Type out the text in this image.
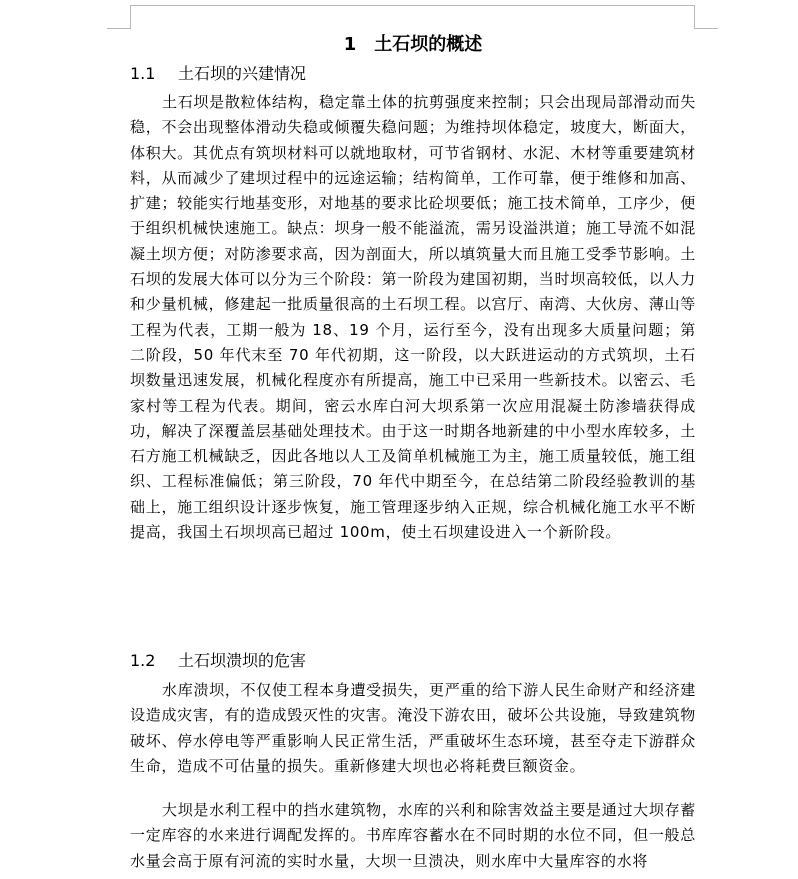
1　土石坝的概述
1.1 土石坝的兴建情况

土石坝是散粒体结构，稳定靠土体的抗剪强度来控制；只会出现局部滑动而失稳，不会出现整体滑动失稳或倾覆失稳问题；为维持坝体稳定，坡度大，断面大，体积大。其优点有筑坝材料可以就地取材，可节省钢材、水泥、木材等重要建筑材料，从而减少了建坝过程中的远途运输；结构简单，工作可靠，便于维修和加高、扩建；较能实行地基变形，对地基的要求比砼坝要低；施工技术简单，工序少，便于组织机械快速施工。缺点：坝身一般不能溢流，需另设溢洪道；施工导流不如混凝土坝方便；对防渗要求高，因为剖面大，所以填筑量大而且施工受季节影响。土石坝的发展大体可以分为三个阶段：第一阶段为建国初期，当时坝高较低，以人力和少量机械，修建起一批质量很高的土石坝工程。以宫厅、南湾、大伙房、薄山等工程为代表，工期一般为 18、19 个月，运行至今，没有出现多大质量问题；第二阶段，50 年代末至 70 年代初期，这一阶段，以大跃进运动的方式筑坝，土石坝数量迅速发展，机械化程度亦有所提高，施工中已采用一些新技术。以密云、毛家村等工程为代表。期间，密云水库白河大坝系第一次应用混凝土防渗墙获得成功，解决了深覆盖层基础处理技术。由于这一时期各地新建的中小型水库较多，土石方施工机械缺乏，因此各地以人工及简单机械施工为主，施工质量较低，施工组织、工程标准偏低；第三阶段，70 年代中期至今，在总结第二阶段经验教训的基础上，施工组织设计逐步恢复，施工管理逐步纳入正规，综合机械化施工水平不断提高，我国土石坝坝高已超过 100m，使土石坝建设进入一个新阶段。

1.2 土石坝溃坝的危害

水库溃坝，不仅使工程本身遭受损失，更严重的给下游人民生命财产和经济建设造成灾害，有的造成毁灭性的灾害。淹没下游农田，破坏公共设施，导致建筑物破坏、停水停电等严重影响人民正常生活，严重破坏生态环境，甚至夺走下游群众生命，造成不可估量的损失。重新修建大坝也必将耗费巨额资金。

大坝是水利工程中的挡水建筑物，水库的兴利和除害效益主要是通过大坝存蓄一定库容的水来进行调配发挥的。书库库容蓄水在不同时期的水位不同，但一般总水量会高于原有河流的实时水量，大坝一旦溃决，则水库中大量库容的水将
